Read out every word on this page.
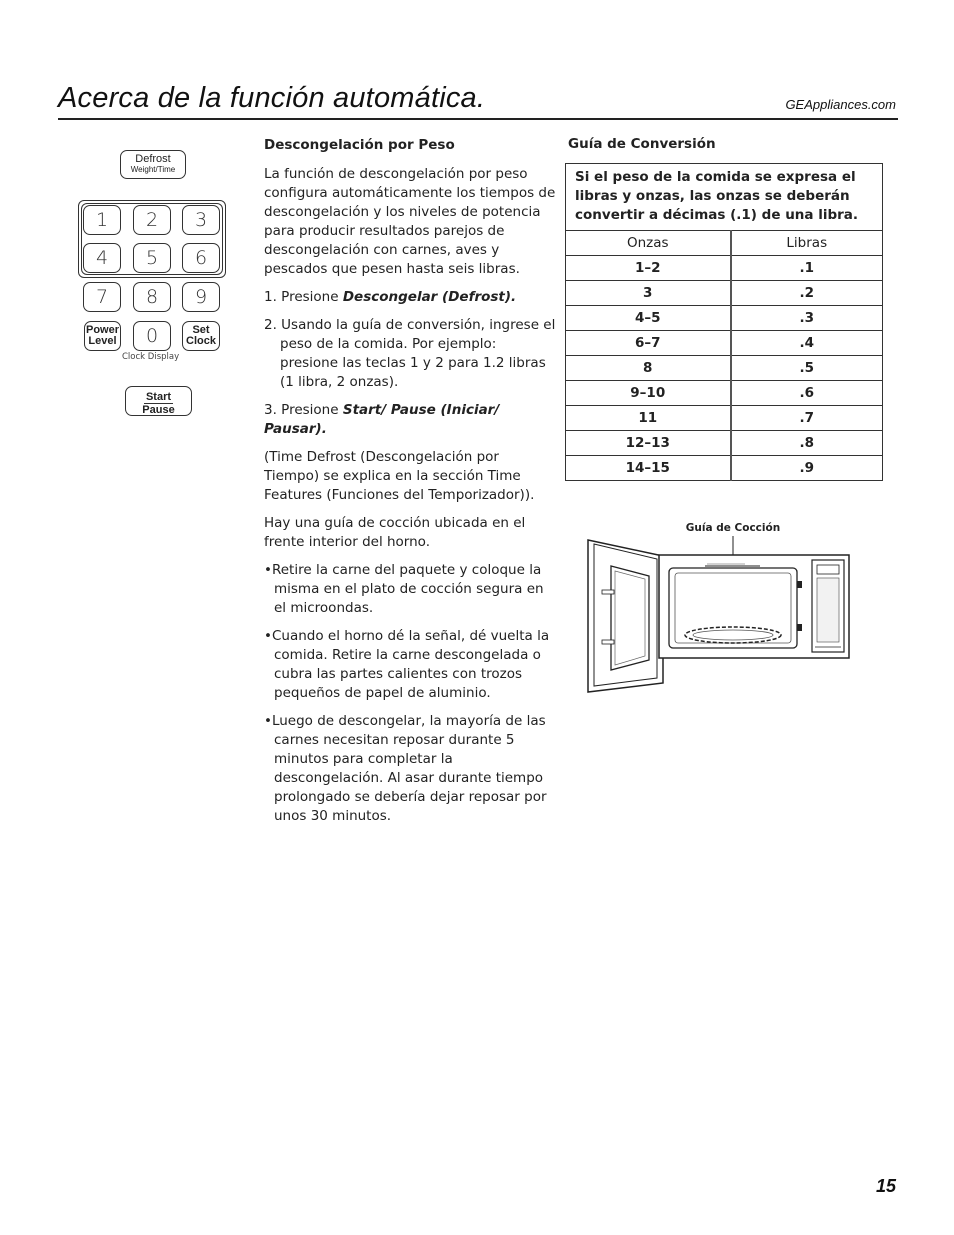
Acerca de la función automática.	GEAppliances.com
Defrost
Weight/Time
1	2	3
4	5	6
7	8	9
Power
Level	0	Set
Clock
Clock Display
Start
Pause

Descongelación por Peso

La función de descongelación por peso configura automáticamente los tiempos de descongelación y los niveles de potencia para producir resultados parejos de descongelación con carnes, aves y pescados que pesen hasta seis libras.

1. Presione Descongelar (Defrost).

2. Usando la guía de conversión, ingrese el peso de la comida. Por ejemplo: presione las teclas 1 y 2 para 1.2 libras (1 libra, 2 onzas).

3. Presione Start/ Pause (Iniciar/ Pausar).

(Time Defrost (Descongelación por Tiempo) se explica en la sección Time Features (Funciones del Temporizador)).

Hay una guía de cocción ubicada en el frente interior del horno.

•Retire la carne del paquete y coloque la misma en el plato de cocción segura en el microondas.

•Cuando el horno dé la señal, dé vuelta la comida. Retire la carne descongelada o cubra las partes calientes con trozos pequeños de papel de aluminio.

•Luego de descongelar, la mayoría de las carnes necesitan reposar durante 5 minutos para completar la descongelación. Al asar durante tiempo prolongado se debería dejar reposar por unos 30 minutos.

Guía de Conversión
Si el peso de la comida se expresa el libras y onzas, las onzas se deberán convertir a décimas (.1) de una libra.	
Onzas	Libras
1–2	.1
3	.2
4–5	.3
6–7	.4
8	.5
9–10	.6
11	.7
12–13	.8
14–15	.9
Guía de Cocción
15
